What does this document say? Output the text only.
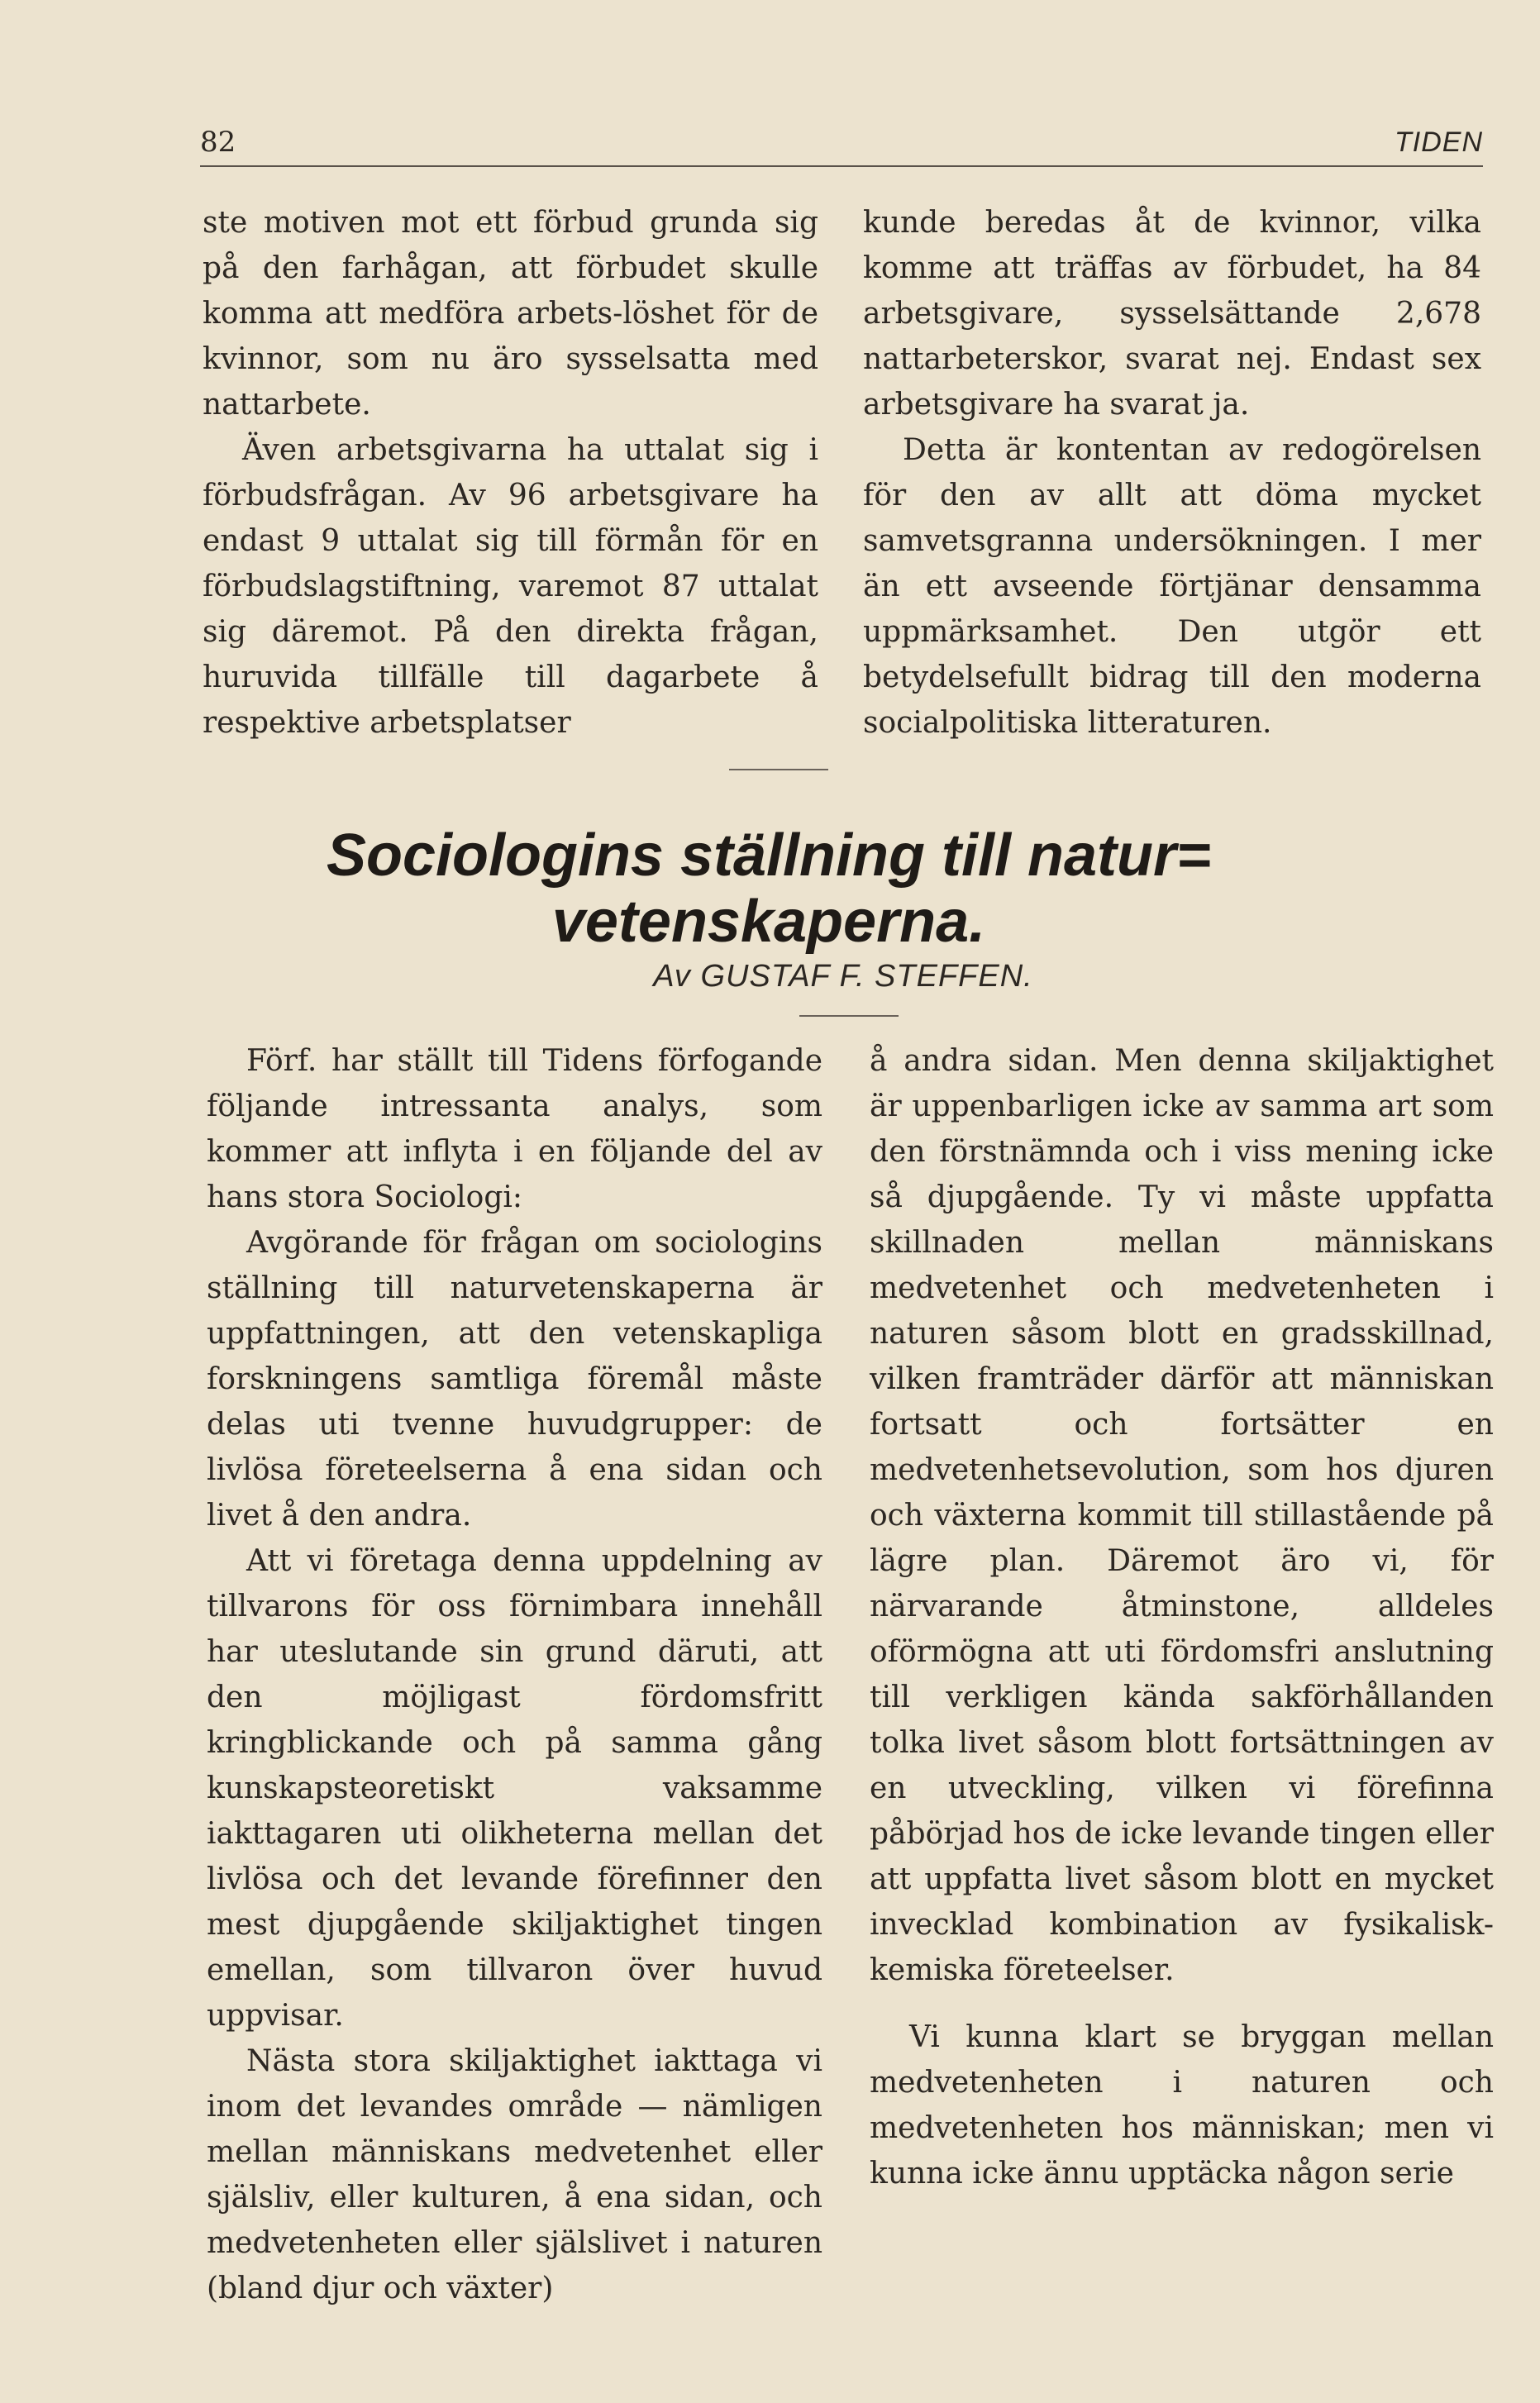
82	TIDEN

ste motiven mot ett förbud grunda sig på den farhågan, att förbudet skulle komma att medföra arbets-löshet för de kvinnor, som nu äro sysselsatta med nattarbete.

Även arbetsgivarna ha uttalat sig i förbudsfrågan. Av 96 arbetsgivare ha endast 9 uttalat sig till förmån för en förbudslagstiftning, varemot 87 uttalat sig däremot. På den direkta frågan, huruvida tillfälle till dagarbete å respektive arbetsplatser

kunde beredas åt de kvinnor, vilka komme att träffas av förbudet, ha 84 arbetsgivare, sysselsättande 2,678 nattarbeterskor, svarat nej. Endast sex arbetsgivare ha svarat ja.

Detta är kontentan av redogörelsen för den av allt att döma mycket samvetsgranna undersökningen. I mer än ett avseende förtjänar densamma uppmärksamhet. Den utgör ett betydelsefullt bidrag till den moderna socialpolitiska litteraturen.

Sociologins ställning till natur= vetenskaperna.

Av GUSTAF F. STEFFEN.

Förf. har ställt till Tidens förfogande följande intressanta analys, som kommer att inflyta i en följande del av hans stora Sociologi:

Avgörande för frågan om sociologins ställning till naturvetenskaperna är uppfattningen, att den vetenskapliga forskningens samtliga föremål måste delas uti tvenne huvudgrupper: de livlösa företeelserna å ena sidan och livet å den andra.

Att vi företaga denna uppdelning av tillvarons för oss förnimbara innehåll har uteslutande sin grund däruti, att den möjligast fördomsfritt kringblickande och på samma gång kunskapsteoretiskt vaksamme iakttagaren uti olikheterna mellan det livlösa och det levande förefinner den mest djupgående skiljaktighet tingen emellan, som tillvaron över huvud uppvisar.

Nästa stora skiljaktighet iakttaga vi inom det levandes område — nämligen mellan människans medvetenhet eller själsliv, eller kulturen, å ena sidan, och medvetenheten eller själslivet i naturen (bland djur och växter)

å andra sidan. Men denna skiljaktighet är uppenbarligen icke av samma art som den förstnämnda och i viss mening icke så djupgående. Ty vi måste uppfatta skillnaden mellan människans medvetenhet och medvetenheten i naturen såsom blott en gradsskillnad, vilken framträder därför att människan fortsatt och fortsätter en medvetenhetsevolution, som hos djuren och växterna kommit till stillastående på lägre plan. Däremot äro vi, för närvarande åtminstone, alldeles oförmögna att uti fördomsfri anslutning till verkligen kända sakförhållanden tolka livet såsom blott fortsättningen av en utveckling, vilken vi förefinna påbörjad hos de icke levande tingen eller att uppfatta livet såsom blott en mycket invecklad kombination av fysikalisk-kemiska företeelser.

Vi kunna klart se bryggan mellan medvetenheten i naturen och medvetenheten hos människan; men vi kunna icke ännu upptäcka någon serie
